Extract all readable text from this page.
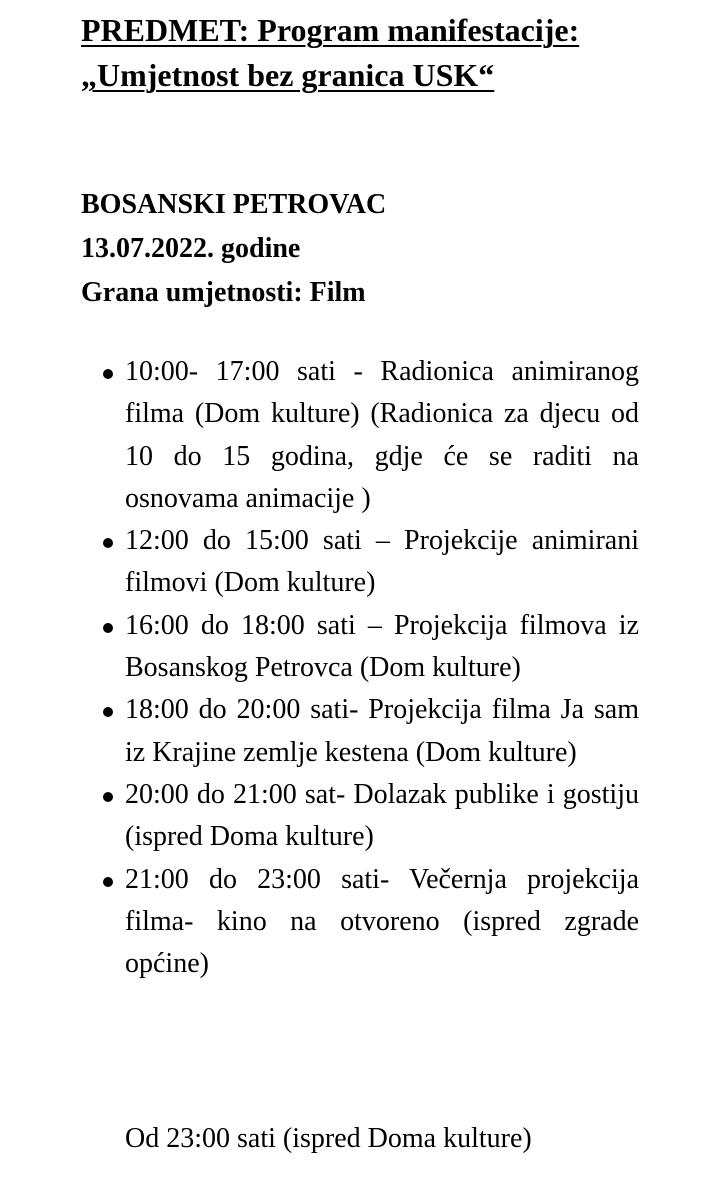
PREDMET: Program manifestacije:
„Umjetnost bez granica USK“
BOSANSKI PETROVAC
13.07.2022. godine
Grana umjetnosti: Film
10:00- 17:00 sati - Radionica animiranog filma (Dom kulture) (Radionica za djecu od 10 do 15 godina, gdje će se raditi na osnovama animacije )
12:00 do 15:00 sati – Projekcije animirani filmovi (Dom kulture)
16:00 do 18:00 sati – Projekcija filmova iz Bosanskog Petrovca (Dom kulture)
18:00 do 20:00 sati- Projekcija filma Ja sam iz Krajine zemlje kestena (Dom kulture)
20:00 do 21:00 sat- Dolazak publike i gostiju (ispred Doma kulture)
21:00 do 23:00 sati- Večernja projekcija filma- kino na otvoreno (ispred zgrade općine)
Od 23:00 sati (ispred Doma kulture)
